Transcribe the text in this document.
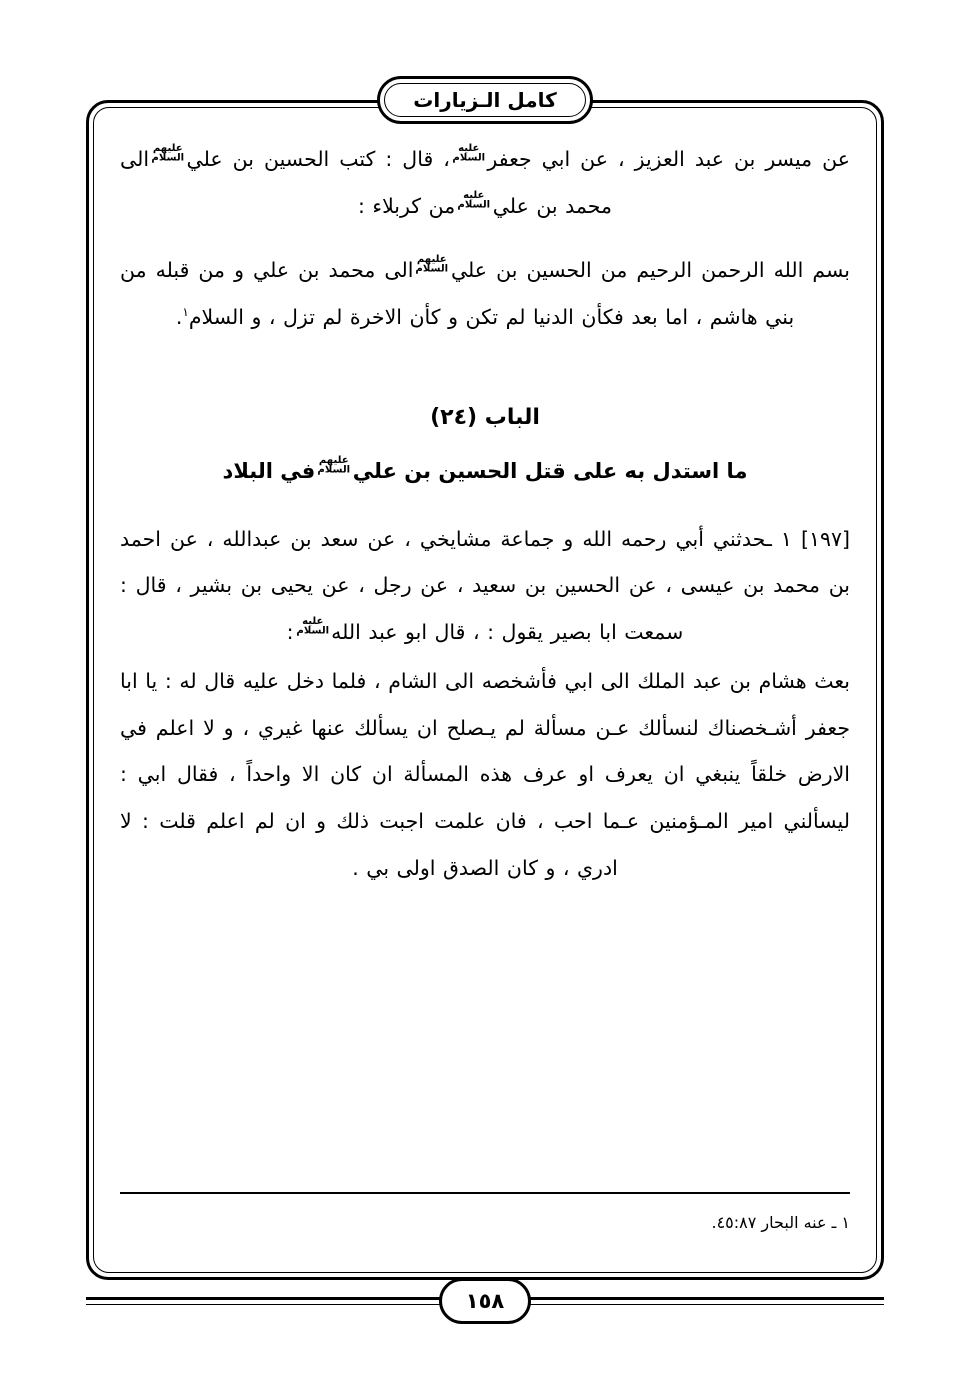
كامل الـزيارات

عن ميسر بن عبد العزيز ، عن ابي جعفرعليه
السلام، قال : كتب الحسين بن عليعليهم
السلامالى محمد بن عليعليه
السلاممن كربلاء :

بسم الله الرحمن الرحيم من الحسين بن عليعليهم
السلامالى محمد بن علي و من قبله من بني هاشم ، اما بعد فكأن الدنيا لم تكن و كأن الاخرة لم تزل ، و السلام$^١$.

الباب (٢٤)
ما استدل به على قتل الحسين بن عليعليهم
السلامفي البلاد

[١٩٧] ١ ـحدثني أبي رحمه الله و جماعة مشايخي ، عن سعد بن عبدالله ، عن احمد بن محمد بن عيسى ، عن الحسين بن سعيد ، عن رجل ، عن يحيى بن بشير ، قال : سمعت ابا بصير يقول : ، قال ابو عبد اللهعليه
السلام:

بعث هشام بن عبد الملك الى ابي فأشخصه الى الشام ، فلما دخل عليه قال له : يا ابا جعفر أشـخصناك لنسألك عـن مسألة لم يـصلح ان يسألك عنها غيري ، و لا اعلم في الارض خلقاً ينبغي ان يعرف او عرف هذه المسألة ان كان الا واحداً ، فقال ابي : ليسألني امير المـؤمنين عـما احب ، فان علمت اجبت ذلك و ان لم اعلم قلت : لا ادري ، و كان الصدق اولى بي .

١ ـ عنه البحار ٤٥:٨٧.
١٥٨
